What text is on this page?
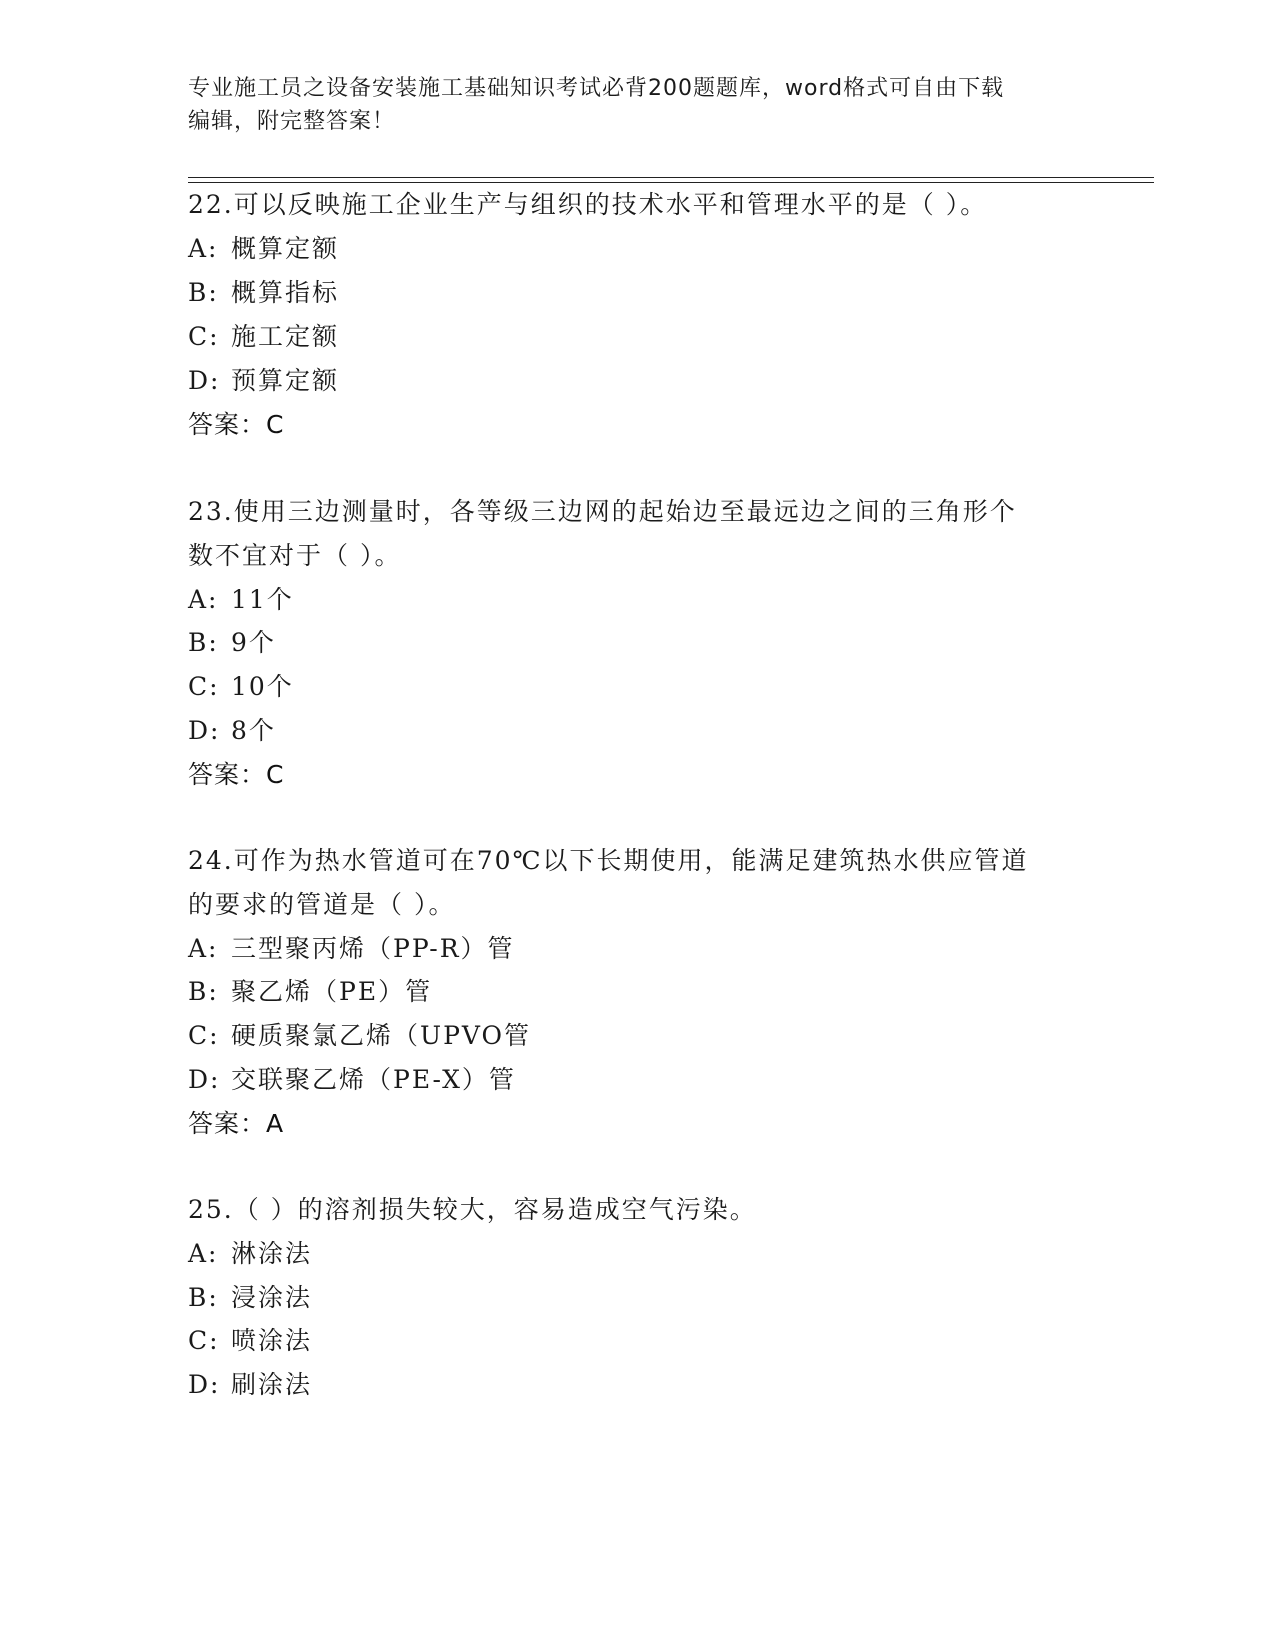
专业施工员之设备安装施工基础知识考试必背200题题库，word格式可自由下载
编辑，附完整答案！
22.可以反映施工企业生产与组织的技术水平和管理水平的是（ ）。
A: 概算定额
B: 概算指标
C: 施工定额
D: 预算定额
答案：C
23.使用三边测量时，各等级三边网的起始边至最远边之间的三角形个
数不宜对于（ ）。
A: 11个
B: 9个
C: 10个
D: 8个
答案：C
24.可作为热水管道可在70℃以下长期使用，能满足建筑热水供应管道
的要求的管道是（ ）。
A: 三型聚丙烯（PP-R）管
B: 聚乙烯（PE）管
C: 硬质聚氯乙烯（UPVO管
D: 交联聚乙烯（PE-X）管
答案：A
25.（ ）的溶剂损失较大，容易造成空气污染。
A: 淋涂法
B: 浸涂法
C: 喷涂法
D: 刷涂法
